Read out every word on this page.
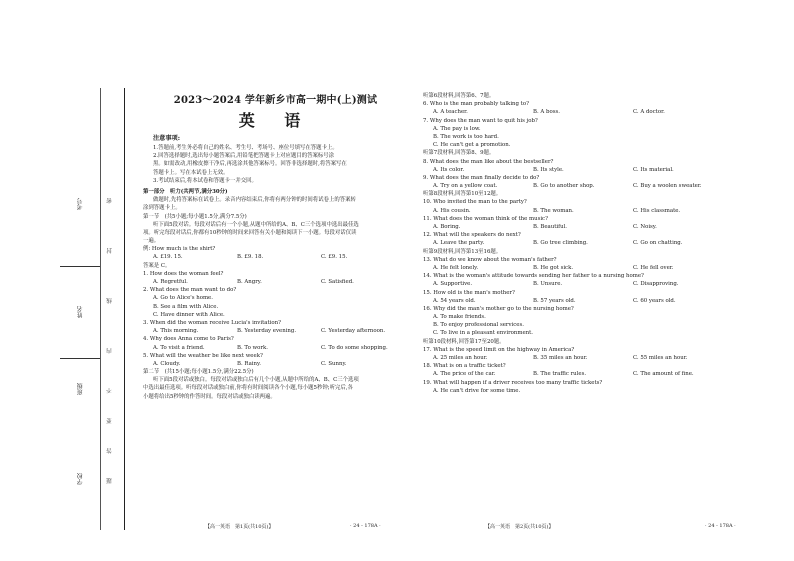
考号
姓名
班级
学校
密
封
线
内
不
要
答
题
2023～2024 学年新乡市高一期中(上)测试
英 语
注意事项:
1.答题前,考生务必将自己的姓名、考生号、考场号、座位号填写在答题卡上。
2.回答选择题时,选出每小题答案后,用铅笔把答题卡上对应题目的答案标号涂
黑。如需改动,用橡皮擦干净后,再选涂其他答案标号。回答非选择题时,将答案写在
答题卡上。写在本试卷上无效。
3.考试结束后,将本试卷和答题卡一并交回。
第一部分　听力(共两节,满分30分)
做题时,先将答案标在试卷上。录音内容结束后,你将有两分钟的时间将试卷上的答案转
涂到答题卡上。
第一节　(共5小题;每小题1.5分,满分7.5分)
听下面5段对话。每段对话后有一个小题,从题中所给的A、B、C三个选项中选出最佳选
项。听完每段对话后,你都有10秒钟的时间来回答有关小题和阅读下一小题。每段对话仅读
一遍。
例: How much is the shirt?
A. £19. 15.	B. £9. 18.	C. £9. 15.
答案是 C。
1. How does the woman feel?
A. Regretful.	B. Angry.	C. Satisfied.
2. What does the man want to do?
A. Go to Alice's home.
B. See a film with Alice.
C. Have dinner with Alice.
3. When did the woman receive Lucia's invitation?
A. This morning.	B. Yesterday evening.	C. Yesterday afternoon.
4. Why does Anna come to Paris?
A. To visit a friend.	B. To work.	C. To do some shopping.
5. What will the weather be like next week?
A. Cloudy.	B. Rainy.	C. Sunny.
第二节　(共15小题;每小题1.5分,满分22.5分)
听下面5段对话或独白。每段对话或独白后有几个小题,从题中所给的A、B、C三个选项
中选出最佳选项。听每段对话或独白前,你将有时间阅读各个小题,每小题5秒钟;听完后,各
小题将给出5秒钟的作答时间。每段对话或独白读两遍。
听第6段材料,回答第6、7题。
6. Who is the man probably talking to?
A. A teacher.	B. A boss.	C. A doctor.
7. Why does the man want to quit his job?
A. The pay is low.
B. The work is too hard.
C. He can't get a promotion.
听第7段材料,回答第8、9题。
8. What does the man like about the bestseller?
A. Its color.	B. Its style.	C. Its material.
9. What does the man finally decide to do?
A. Try on a yellow coat.	B. Go to another shop.	C. Buy a woolen sweater.
听第8段材料,回答第10至12题。
10. Who invited the man to the party?
A. His cousin.	B. The woman.	C. His classmate.
11. What does the woman think of the music?
A. Boring.	B. Beautiful.	C. Noisy.
12. What will the speakers do next?
A. Leave the party.	B. Go tree climbing.	C. Go on chatting.
听第9段材料,回答第13至16题。
13. What do we know about the woman's father?
A. He felt lonely.	B. He got sick.	C. He fell over.
14. What is the woman's attitude towards sending her father to a nursing home?
A. Supportive.	B. Unsure.	C. Disapproving.
15. How old is the man's mother?
A. 54 years old.	B. 57 years old.	C. 60 years old.
16. Why did the man's mother go to the nursing home?
A. To make friends.
B. To enjoy professional services.
C. To live in a pleasant environment.
听第10段材料,回答第17至20题。
17. What is the speed limit on the highway in America?
A. 25 miles an hour.	B. 35 miles an hour.	C. 55 miles an hour.
18. What is on a traffic ticket?
A. The price of the car.	B. The traffic rules.	C. The amount of fine.
19. What will happen if a driver receives too many traffic tickets?
A. He can't drive for some time.
【高一英语　第1页(共10页)】	· 24 - 178A ·	【高一英语　第2页(共10页)】	· 24 - 178A ·
